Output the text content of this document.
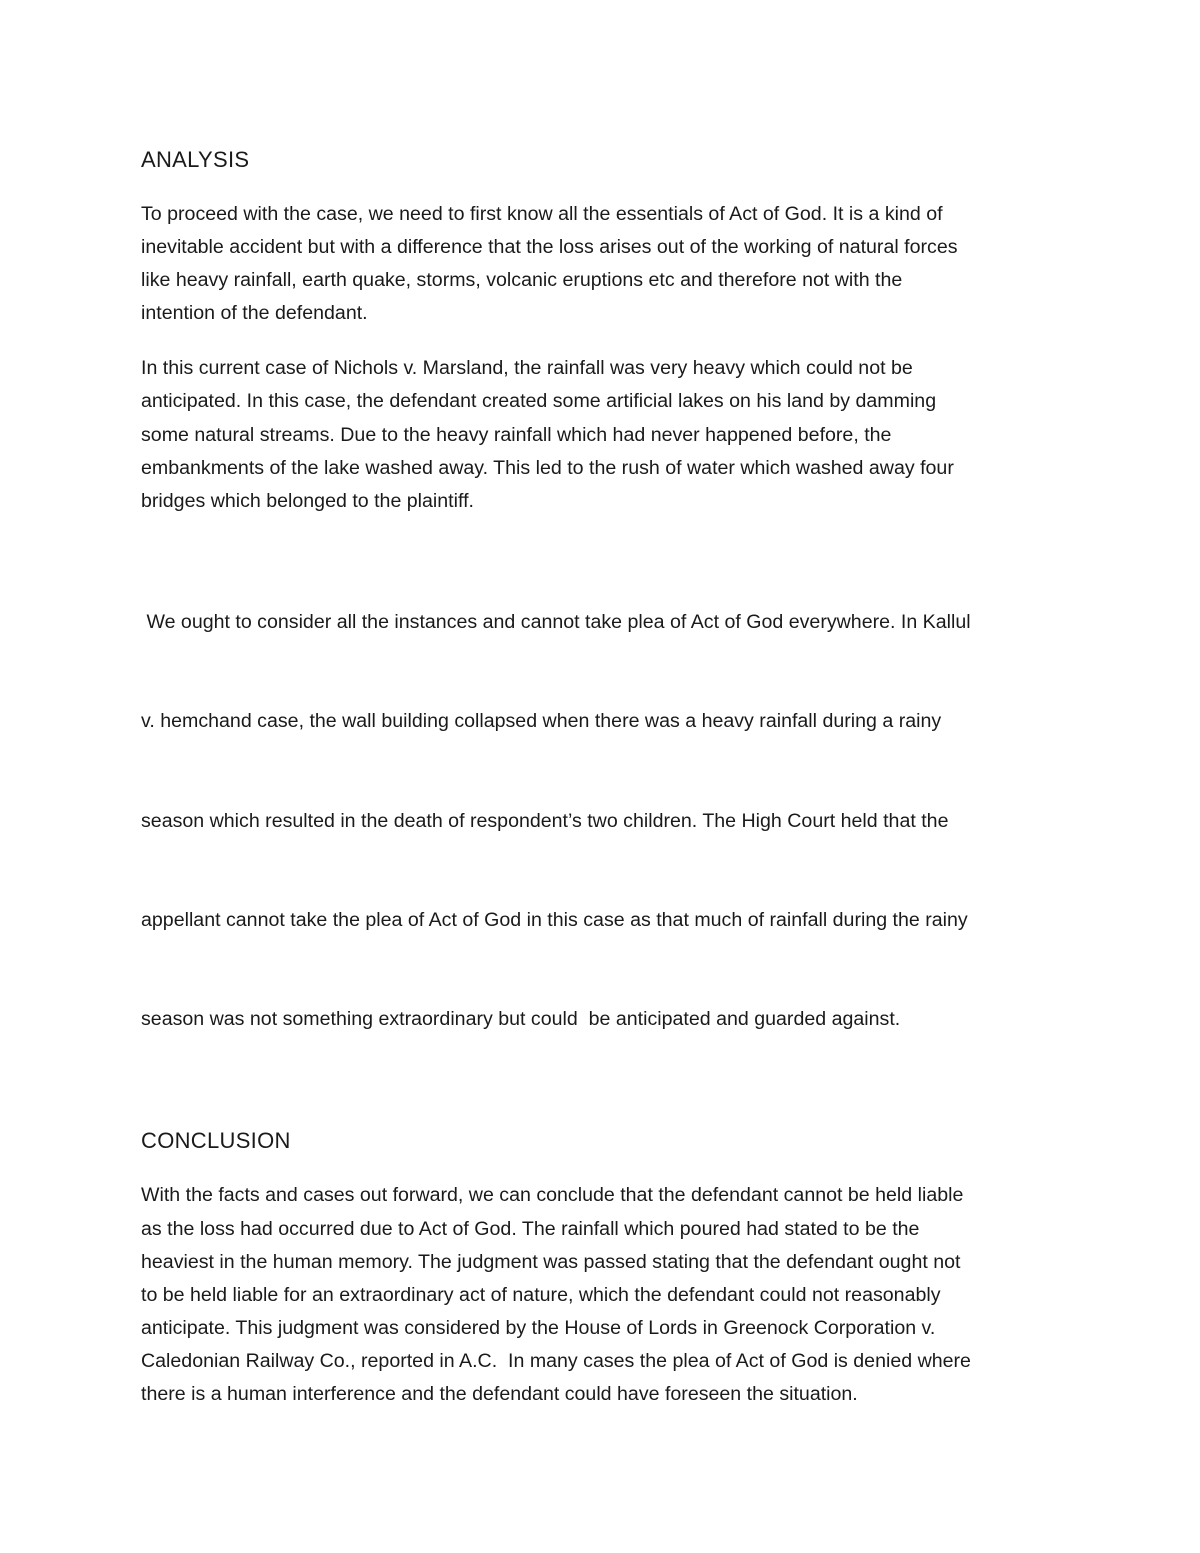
ANALYSIS

To proceed with the case, we need to first know all the essentials of Act of God. It is a kind of
inevitable accident but with a difference that the loss arises out of the working of natural forces
like heavy rainfall, earth quake, storms, volcanic eruptions etc and therefore not with the
intention of the defendant.

In this current case of Nichols v. Marsland, the rainfall was very heavy which could not be
anticipated. In this case, the defendant created some artificial lakes on his land by damming
some natural streams. Due to the heavy rainfall which had never happened before, the
embankments of the lake washed away. This led to the rush of water which washed away four
bridges which belonged to the plaintiff.

We ought to consider all the instances and cannot take plea of Act of God everywhere. In Kallul

v. hemchand case, the wall building collapsed when there was a heavy rainfall during a rainy

season which resulted in the death of respondent’s two children. The High Court held that the

appellant cannot take the plea of Act of God in this case as that much of rainfall during the rainy

season was not something extraordinary but could  be anticipated and guarded against.

CONCLUSION

With the facts and cases out forward, we can conclude that the defendant cannot be held liable
as the loss had occurred due to Act of God. The rainfall which poured had stated to be the
heaviest in the human memory. The judgment was passed stating that the defendant ought not
to be held liable for an extraordinary act of nature, which the defendant could not reasonably
anticipate. This judgment was considered by the House of Lords in Greenock Corporation v.
Caledonian Railway Co., reported in A.C.  In many cases the plea of Act of God is denied where
there is a human interference and the defendant could have foreseen the situation.
